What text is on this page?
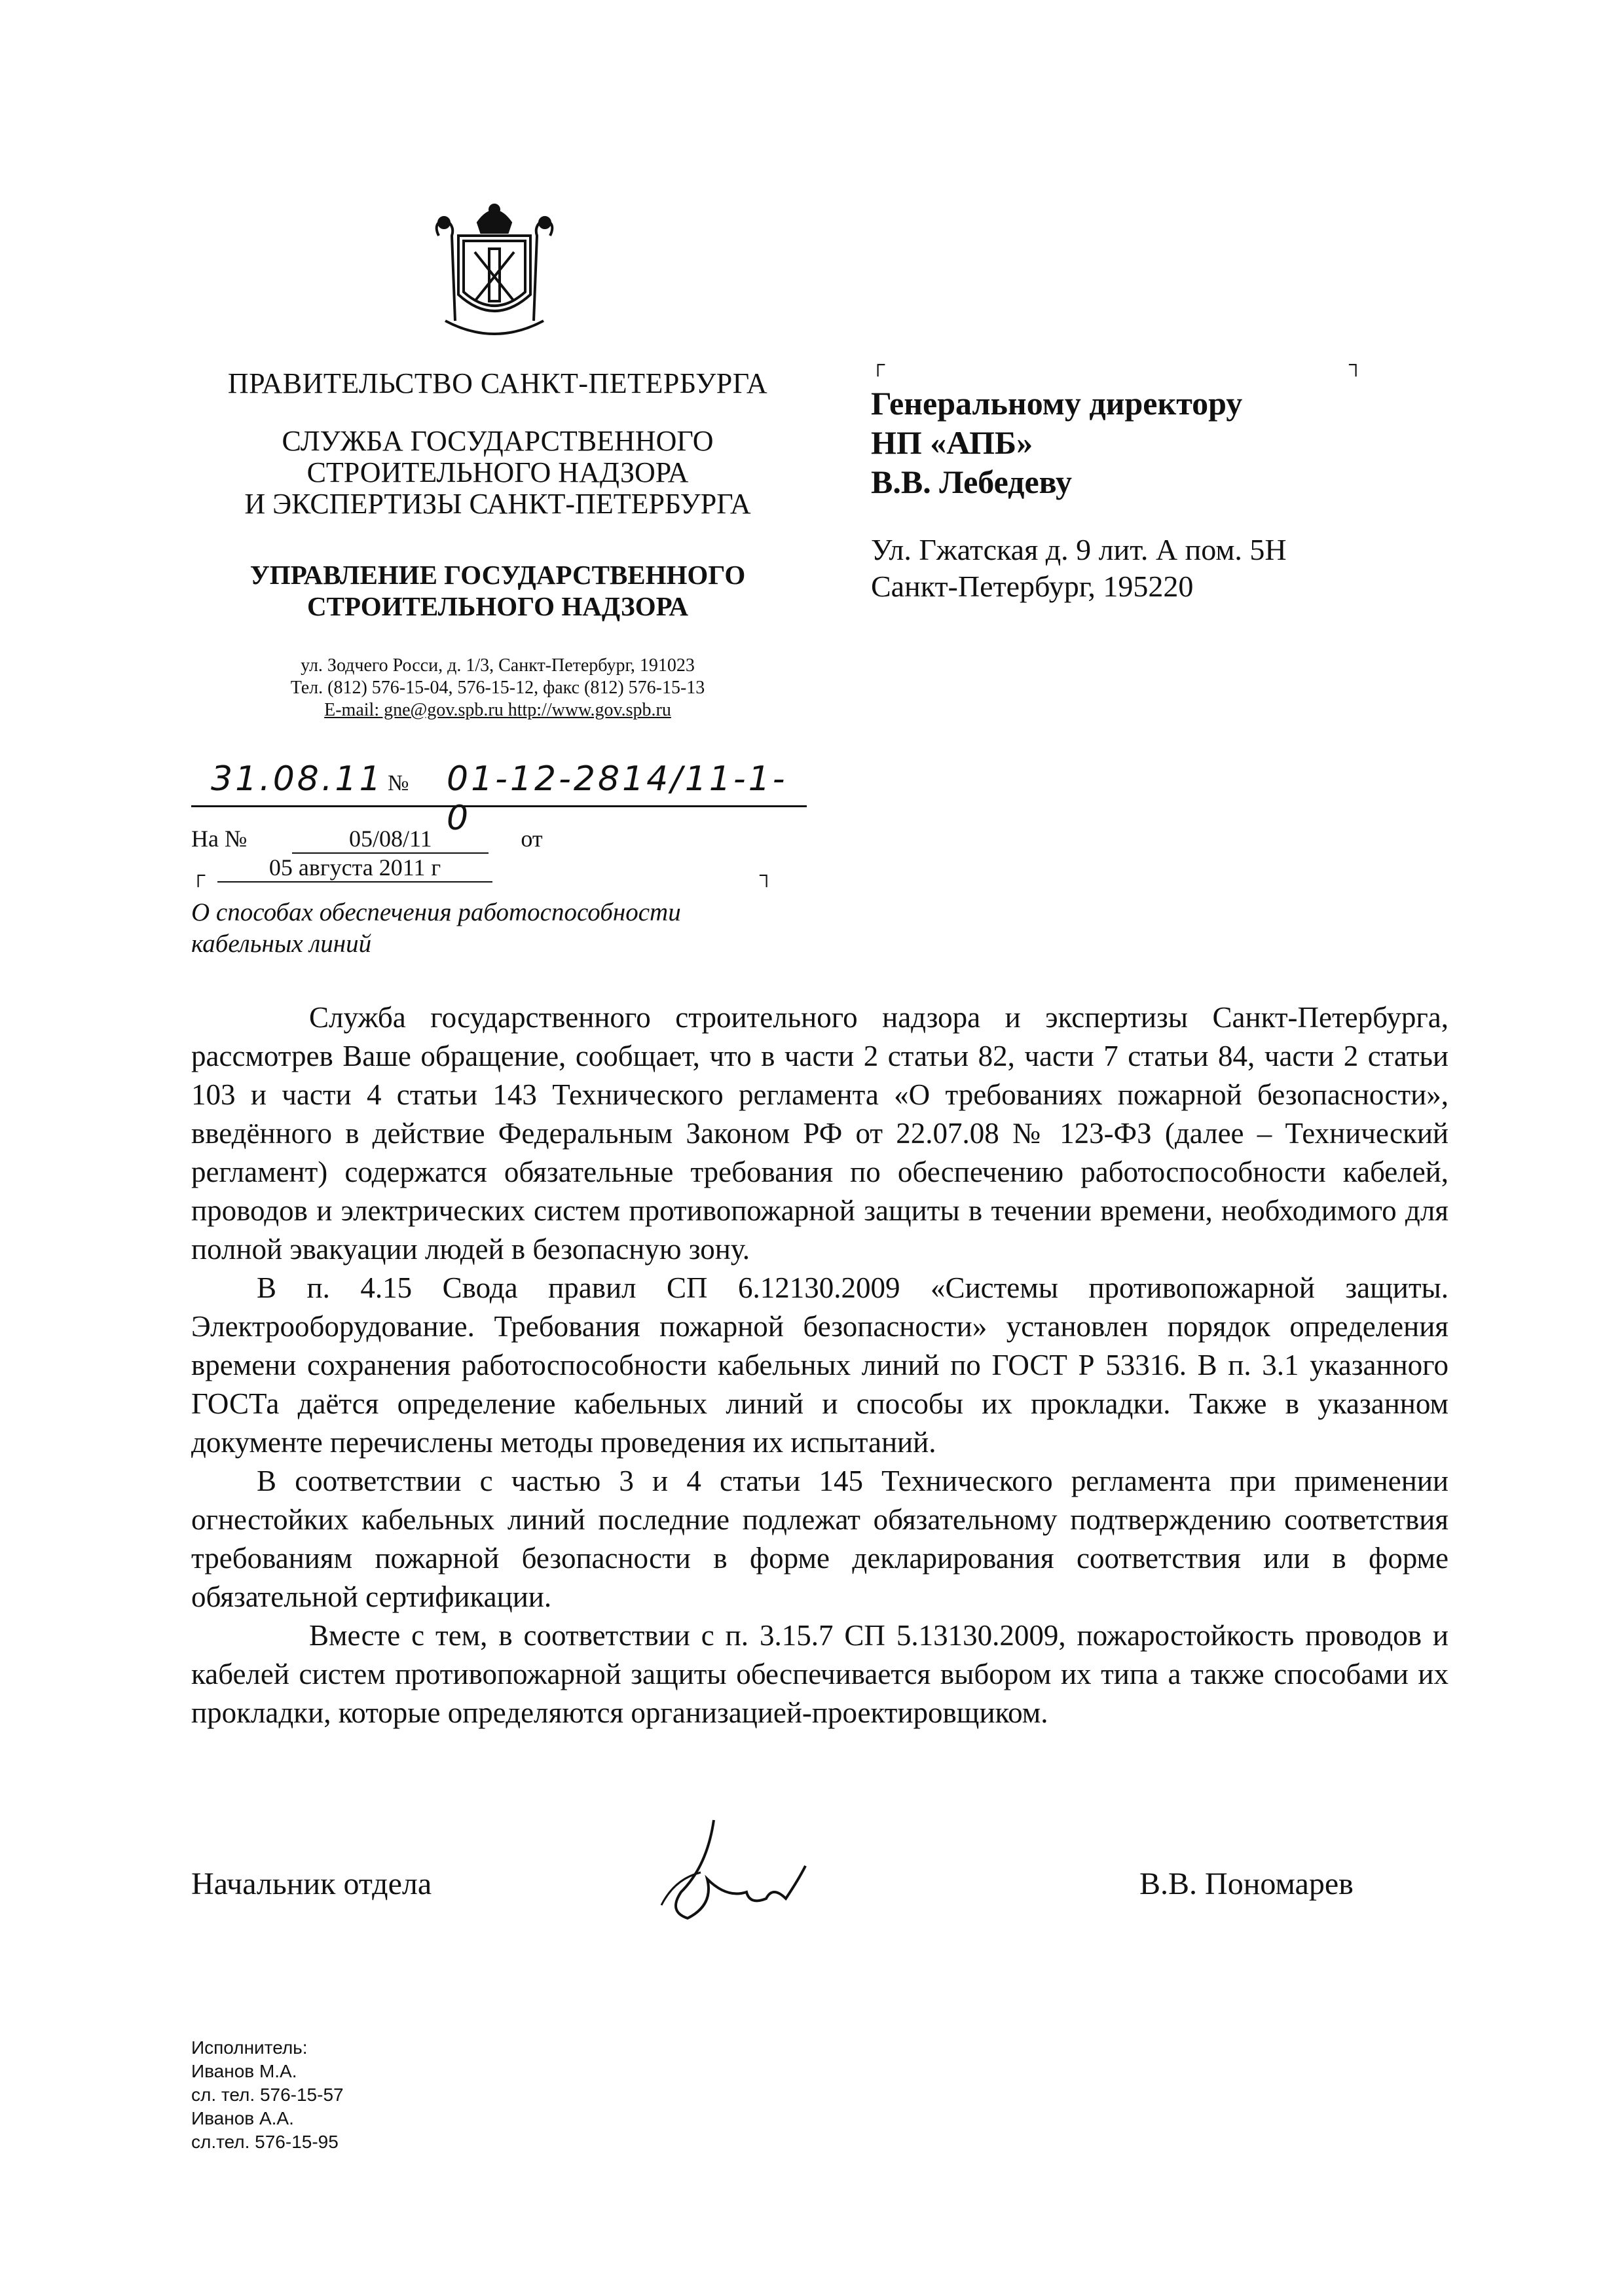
ПРАВИТЕЛЬСТВО САНКТ-ПЕТЕРБУРГА
СЛУЖБА ГОСУДАРСТВЕННОГО
СТРОИТЕЛЬНОГО НАДЗОРА
И ЭКСПЕРТИЗЫ САНКТ-ПЕТЕРБУРГА
УПРАВЛЕНИЕ ГОСУДАРСТВЕННОГО
СТРОИТЕЛЬНОГО НАДЗОРА
ул. Зодчего Росси, д. 1/3, Санкт-Петербург, 191023
Тел. (812) 576-15-04, 576-15-12, факс (812) 576-15-13
E-mail: gne@gov.spb.ru http://www.gov.spb.ru
┌	┐
Генеральному директору
НП «АПБ»
В.В. Лебедеву
Ул. Гжатская д. 9 лит. А пом. 5Н
Санкт-Петербург, 195220
31.08.11 № 01-12-2814/11-1-0
На №	05/08/11	от 05 августа 2011 г
┌	┐
О способах обеспечения работоспособности
кабельных линий

Служба государственного строительного надзора и экспертизы Санкт-Петербурга, рассмотрев Ваше обращение, сообщает, что в части 2 статьи 82, части 7 статьи 84, части 2 статьи 103 и части 4 статьи 143 Технического регламента «О требованиях пожарной безопасности», введённого в действие Федеральным Законом РФ от 22.07.08 № 123-ФЗ (далее – Технический регламент) содержатся обязательные требования по обеспечению работоспособности кабелей, проводов и электрических систем противопожарной защиты в течении времени, необходимого для полной эвакуации людей в безопасную зону.

В п. 4.15 Свода правил СП 6.12130.2009 «Системы противопожарной защиты. Электрооборудование. Требования пожарной безопасности» установлен порядок определения времени сохранения работоспособности кабельных линий по ГОСТ Р 53316. В п. 3.1 указанного ГОСТа даётся определение кабельных линий и способы их прокладки. Также в указанном документе перечислены методы проведения их испытаний.

В соответствии с частью 3 и 4 статьи 145 Технического регламента при применении огнестойких кабельных линий последние подлежат обязательному подтверждению соответствия требованиям пожарной безопасности в форме декларирования соответствия или в форме обязательной сертификации.

Вместе с тем, в соответствии с п. 3.15.7 СП 5.13130.2009, пожаростойкость проводов и кабелей систем противопожарной защиты обеспечивается выбором их типа а также способами их прокладки, которые определяются организацией-проектировщиком.

Начальник отдела	В.В. Пономарев
Исполнитель:
Иванов М.А.
сл. тел. 576-15-57
Иванов А.А.
сл.тел. 576-15-95
